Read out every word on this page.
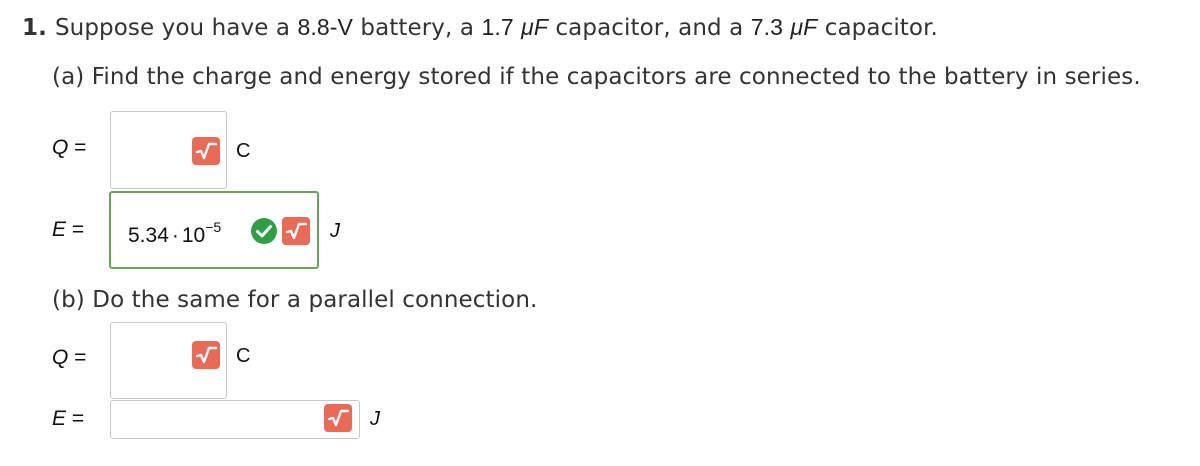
1. Suppose you have a 8.8-V battery, a 1.7 μF capacitor, and a 7.3 μF capacitor.
(a) Find the charge and energy stored if the capacitors are connected to the battery in series.
Q =	C
$E = 5.34 \cdot 10^{-5}$	J
(b) Do the same for a parallel connection.
Q =	C
E =	J
